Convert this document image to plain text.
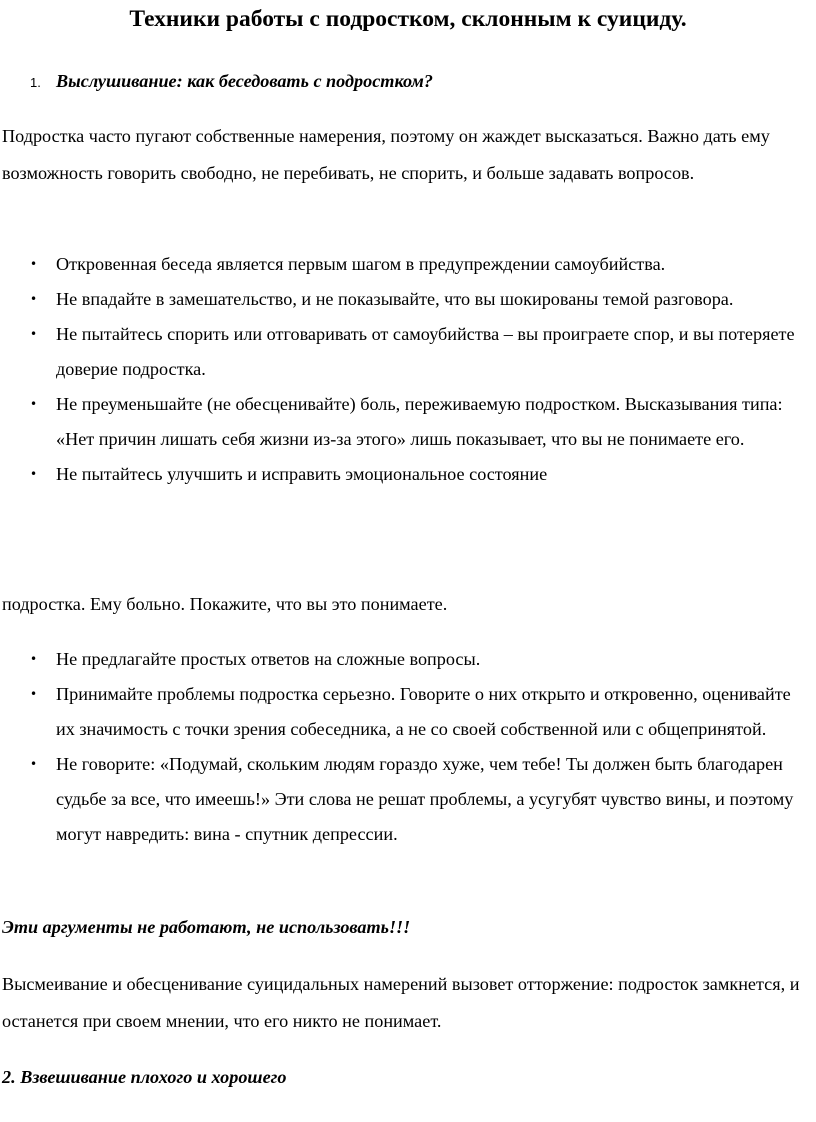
Техники работы с подростком, склонным к суициду.
1. Выслушивание: как беседовать с подростком?

Подростка часто пугают собственные намерения, поэтому он жаждет высказаться. Важно дать ему возможность говорить свободно, не перебивать, не спорить, и больше задавать вопросов.

• Откровенная беседа является первым шагом в предупреждении самоубийства.
• Не впадайте в замешательство, и не показывайте, что вы шокированы темой разговора.
• Не пытайтесь спорить или отговаривать от самоубийства – вы проиграете спор, и вы потеряете доверие подростка.
• Не преуменьшайте (не обесценивайте) боль, переживаемую подростком. Высказывания типа: «Нет причин лишать себя жизни из-за этого» лишь показывает, что вы не понимаете его.
• Не пытайтесь улучшить и исправить эмоциональное состояние

подростка. Ему больно. Покажите, что вы это понимаете.

• Не предлагайте простых ответов на сложные вопросы.
• Принимайте проблемы подростка серьезно. Говорите о них открыто и откровенно, оценивайте их значимость с точки зрения собеседника, а не со своей собственной или с общепринятой.
• Не говорите: «Подумай, скольким людям гораздо хуже, чем тебе! Ты должен быть благодарен судьбе за все, что имеешь!» Эти слова не решат проблемы, а усугубят чувство вины, и поэтому могут навредить: вина - спутник депрессии.
Эти аргументы не работают, не использовать!!!

Высмеивание и обесценивание суицидальных намерений вызовет отторжение: подросток замкнется, и останется при своем мнении, что его никто не понимает.

2. Взвешивание плохого и хорошего
